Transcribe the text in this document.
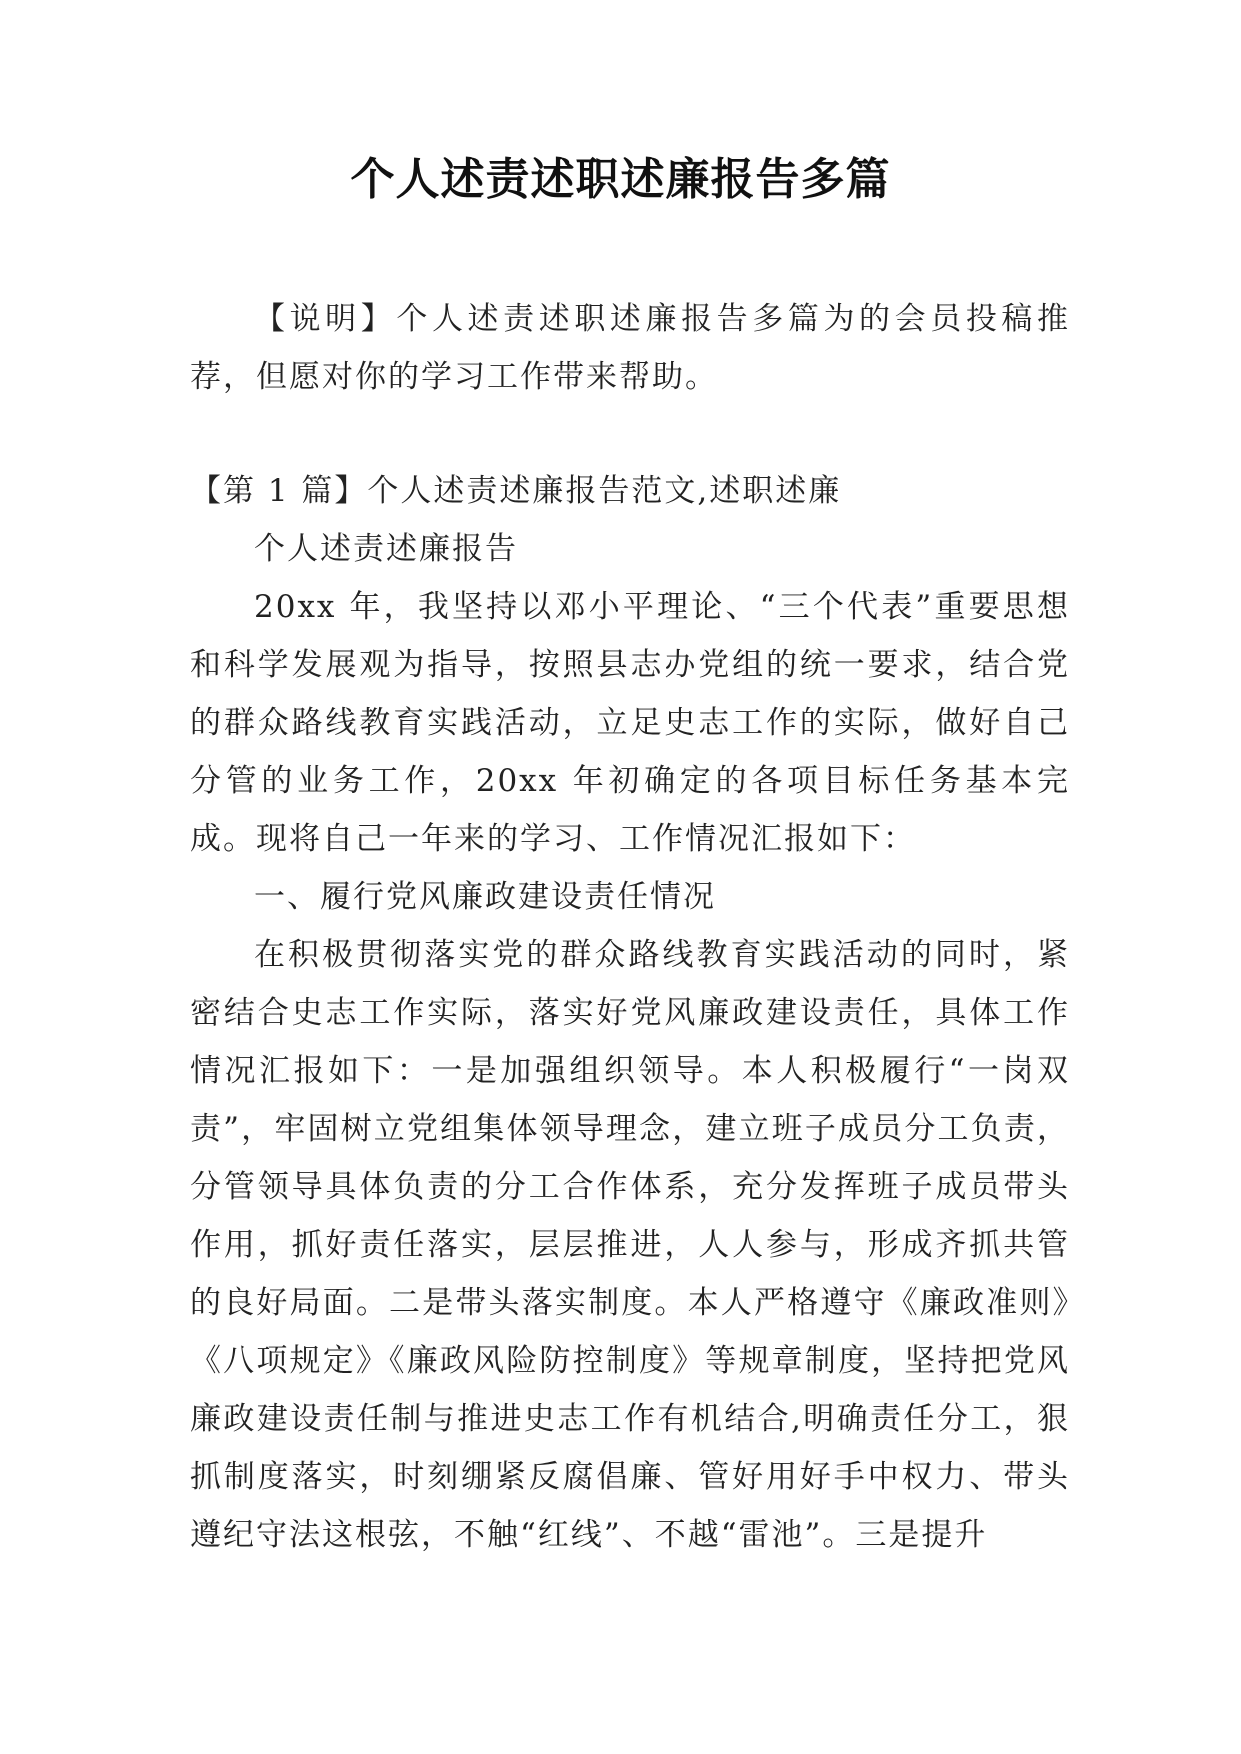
个人述责述职述廉报告多篇

【说明】个人述责述职述廉报告多篇为的会员投稿推荐，但愿对你的学习工作带来帮助。

【第 1 篇】个人述责述廉报告范文,述职述廉

个人述责述廉报告

20xx 年，我坚持以邓小平理论、“三个代表”重要思想和科学发展观为指导，按照县志办党组的统一要求，结合党的群众路线教育实践活动，立足史志工作的实际，做好自己分管的业务工作，20xx 年初确定的各项目标任务基本完成。现将自己一年来的学习、工作情况汇报如下：

一、履行党风廉政建设责任情况

在积极贯彻落实党的群众路线教育实践活动的同时，紧密结合史志工作实际，落实好党风廉政建设责任，具体工作情况汇报如下：一是加强组织领导。本人积极履行“一岗双责”，牢固树立党组集体领导理念，建立班子成员分工负责，分管领导具体负责的分工合作体系，充分发挥班子成员带头作用，抓好责任落实，层层推进，人人参与，形成齐抓共管的良好局面。二是带头落实制度。本人严格遵守《廉政准则》《八项规定》《廉政风险防控制度》等规章制度，坚持把党风廉政建设责任制与推进史志工作有机结合,明确责任分工，狠抓制度落实，时刻绷紧反腐倡廉、管好用好手中权力、带头遵纪守法这根弦，不触“红线”、不越“雷池”。三是提升
